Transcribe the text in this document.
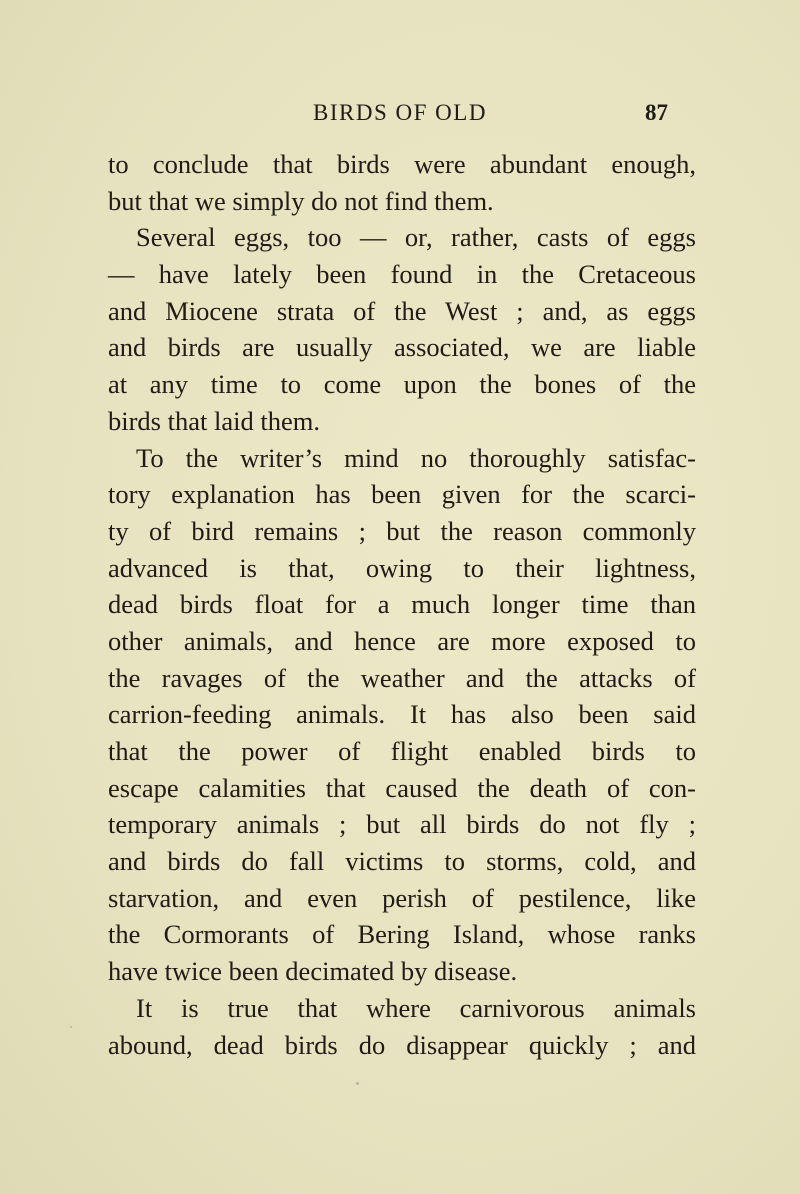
BIRDS OF OLD	87
to conclude that birds were abundant enough,
but that we simply do not find them.
Several eggs, too — or, rather, casts of eggs
— have lately been found in the Cretaceous
and Miocene strata of the West ; and, as eggs
and birds are usually associated, we are liable
at any time to come upon the bones of the
birds that laid them.
To the writer’s mind no thoroughly satisfac-
tory explanation has been given for the scarci-
ty of bird remains ; but the reason commonly
advanced is that, owing to their lightness,
dead birds float for a much longer time than
other animals, and hence are more exposed to
the ravages of the weather and the attacks of
carrion-feeding animals. It has also been said
that the power of flight enabled birds to
escape calamities that caused the death of con-
temporary animals ; but all birds do not fly ;
and birds do fall victims to storms, cold, and
starvation, and even perish of pestilence, like
the Cormorants of Bering Island, whose ranks
have twice been decimated by disease.
It is true that where carnivorous animals
abound, dead birds do disappear quickly ; and
